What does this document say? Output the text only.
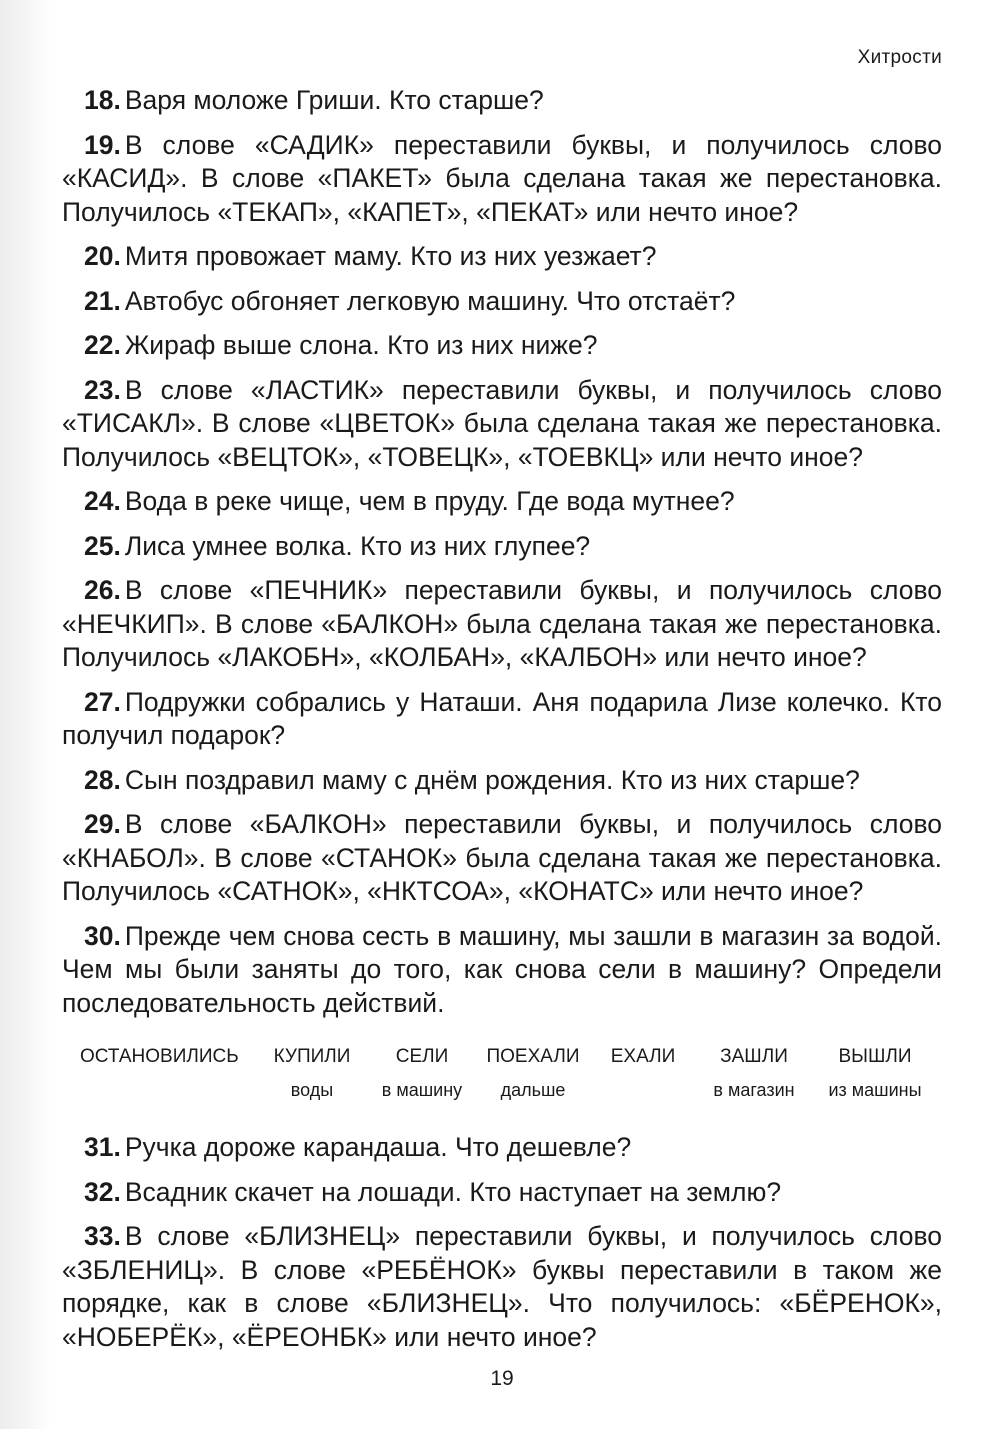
Хитрости

18. Варя моложе Гриши. Кто старше?

19. В слове «САДИК» переставили буквы, и получилось слово «КАСИД». В слове «ПАКЕТ» была сделана такая же перестановка. Получилось «ТЕКАП», «КАПЕТ», «ПЕКАТ» или нечто иное?

20. Митя провожает маму. Кто из них уезжает?

21. Автобус обгоняет легковую машину. Что отстаёт?

22. Жираф выше слона. Кто из них ниже?

23. В слове «ЛАСТИК» переставили буквы, и получилось слово «ТИСАКЛ». В слове «ЦВЕТОК» была сделана такая же перестановка. Получилось «ВЕЦТОК», «ТОВЕЦК», «ТОЕВКЦ» или нечто иное?

24. Вода в реке чище, чем в пруду. Где вода мутнее?

25. Лиса умнее волка. Кто из них глупее?

26. В слове «ПЕЧНИК» переставили буквы, и получилось слово «НЕЧКИП». В слове «БАЛКОН» была сделана такая же перестановка. Получилось «ЛАКОБН», «КОЛБАН», «КАЛБОН» или нечто иное?

27. Подружки собрались у Наташи. Аня подарила Лизе колечко. Кто получил подарок?

28. Сын поздравил маму с днём рождения. Кто из них старше?

29. В слове «БАЛКОН» переставили буквы, и получилось слово «КНАБОЛ». В слове «СТАНОК» была сделана такая же перестановка. Получилось «САТНОК», «НКТСОА», «КОНАТС» или нечто иное?

30. Прежде чем снова сесть в машину, мы зашли в магазин за водой. Чем мы были заняты до того, как снова сели в машину? Определи последовательность действий.

ОСТАНОВИЛИСЬ КУПИЛИ
воды
СЕЛИ
в машину
ПОЕХАЛИ
дальше
ЕХАЛИ	ЗАШЛИ
в магазин
ВЫШЛИ
из машины

31. Ручка дороже карандаша. Что дешевле?

32. Всадник скачет на лошади. Кто наступает на землю?

33. В слове «БЛИЗНЕЦ» переставили буквы, и получилось слово «ЗБЛЕНИЦ». В слове «РЕБЁНОК» буквы переставили в таком же порядке, как в слове «БЛИЗНЕЦ». Что получилось: «БЁРЕНОК», «НОБЕРЁК», «ЁРЕОНБК» или нечто иное?

19
